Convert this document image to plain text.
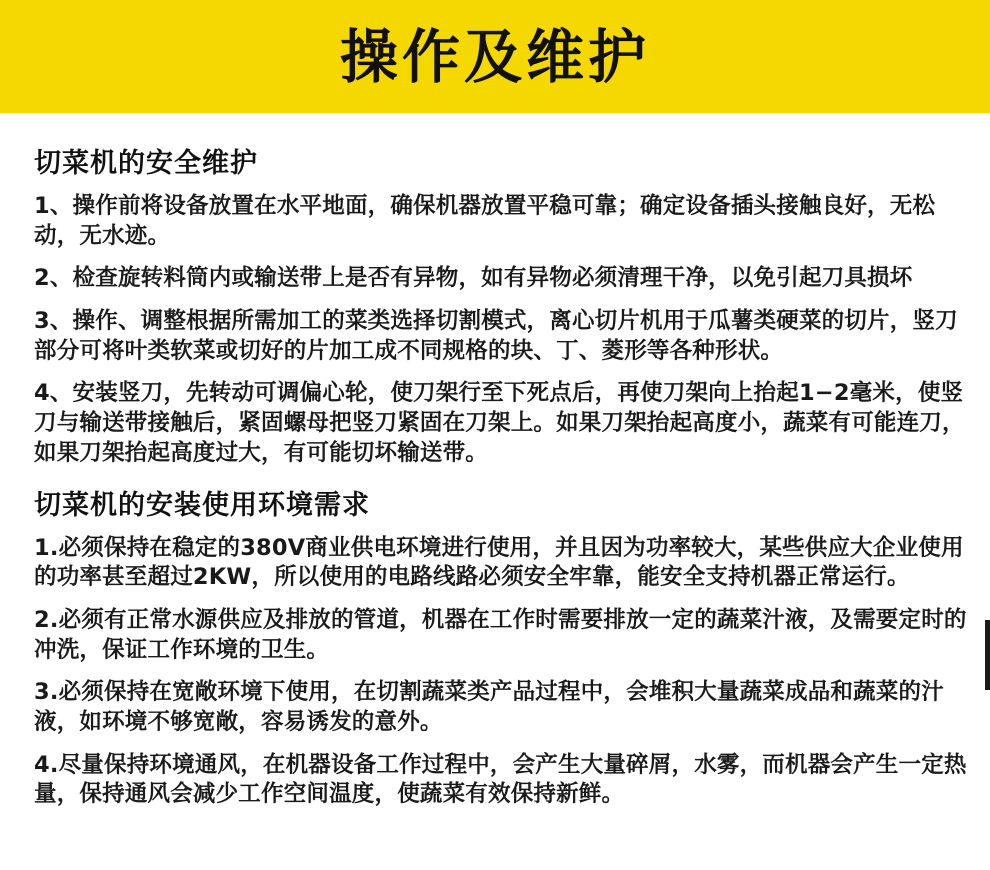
操作及维护
切菜机的安全维护

1、操作前将设备放置在水平地面，确保机器放置平稳可靠；确定设备插头接触良好，无松动，无水迹。

2、检查旋转料筒内或输送带上是否有异物，如有异物必须清理干净，以免引起刀具损坏

3、操作、调整根据所需加工的菜类选择切割模式，离心切片机用于瓜薯类硬菜的切片，竖刀部分可将叶类软菜或切好的片加工成不同规格的块、丁、菱形等各种形状。

4、安装竖刀，先转动可调偏心轮，使刀架行至下死点后，再使刀架向上抬起1−2毫米，使竖刀与输送带接触后，紧固螺母把竖刀紧固在刀架上。如果刀架抬起高度小，蔬菜有可能连刀，如果刀架抬起高度过大，有可能切坏输送带。

切菜机的安装使用环境需求

1.必须保持在稳定的380V商业供电环境进行使用，并且因为功率较大，某些供应大企业使用的功率甚至超过2KW，所以使用的电路线路必须安全牢靠，能安全支持机器正常运行。

2.必须有正常水源供应及排放的管道，机器在工作时需要排放一定的蔬菜汁液，及需要定时的冲洗，保证工作环境的卫生。

3.必须保持在宽敞环境下使用，在切割蔬菜类产品过程中，会堆积大量蔬菜成品和蔬菜的汁液，如环境不够宽敞，容易诱发的意外。

4.尽量保持环境通风，在机器设备工作过程中，会产生大量碎屑，水雾，而机器会产生一定热量，保持通风会减少工作空间温度，使蔬菜有效保持新鲜。
